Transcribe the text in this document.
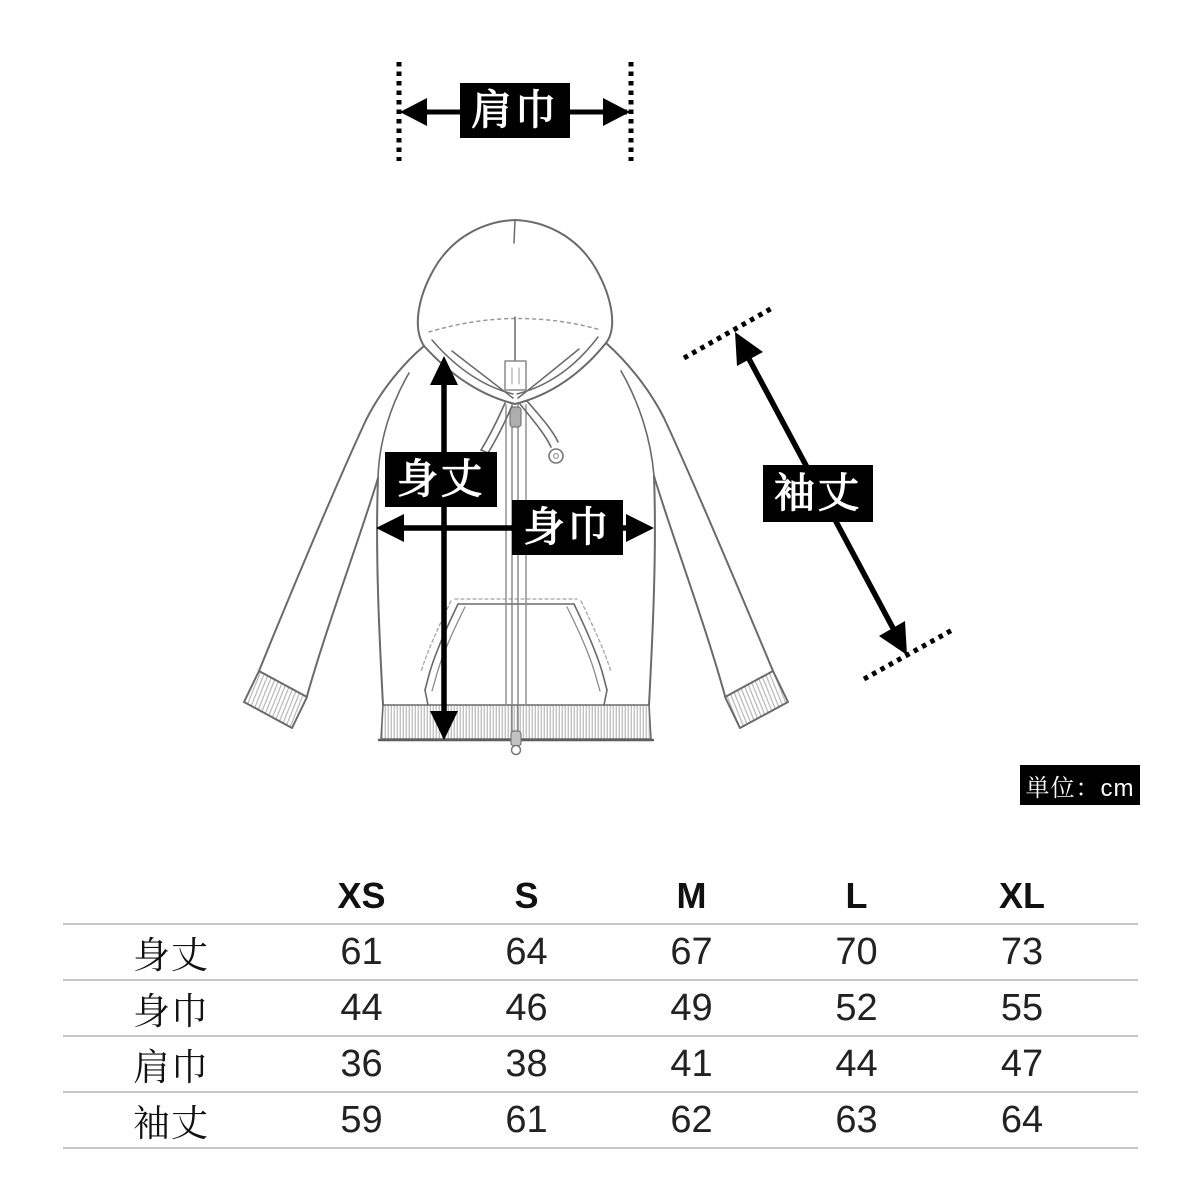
肩巾
身丈
身巾
袖丈
単位：cm
	XS	S	M	L	XL	
身丈	61	64	67	70	73	
身巾	44	46	49	52	55	
肩巾	36	38	41	44	47	
袖丈	59	61	62	63	64	
